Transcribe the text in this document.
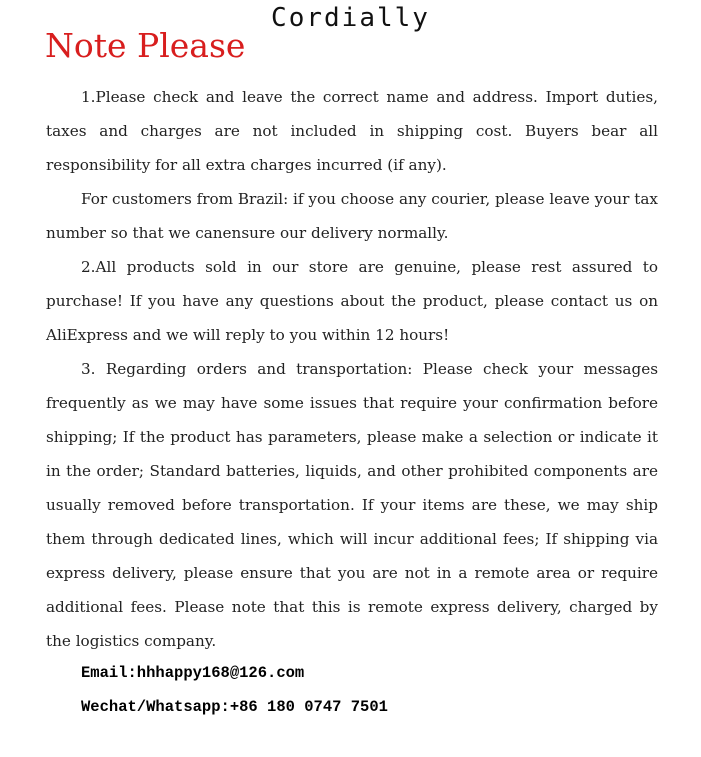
Cordially
Note Please

1.Please check and leave the correct name and address. Import duties, taxes and charges are not included in shipping cost. Buyers bear all responsibility for all extra charges incurred (if any).

For customers from Brazil: if you choose any courier, please leave your tax number so that we canensure our delivery normally.

2.All products sold in our store are genuine, please rest assured to purchase! If you have any questions about the product, please contact us on AliExpress and we will reply to you within 12 hours!

3. Regarding orders and transportation: Please check your messages frequently as we may have some issues that require your confirmation before shipping; If the product has parameters, please make a selection or indicate it in the order; Standard batteries, liquids, and other prohibited components are usually removed before transportation. If your items are these, we may ship them through dedicated lines, which will incur additional fees; If shipping via express delivery, please ensure that you are not in a remote area or require additional fees. Please note that this is remote express delivery, charged by the logistics company.

Email:hhhappy168@126.com
Wechat/Whatsapp:+86 180 0747 7501
